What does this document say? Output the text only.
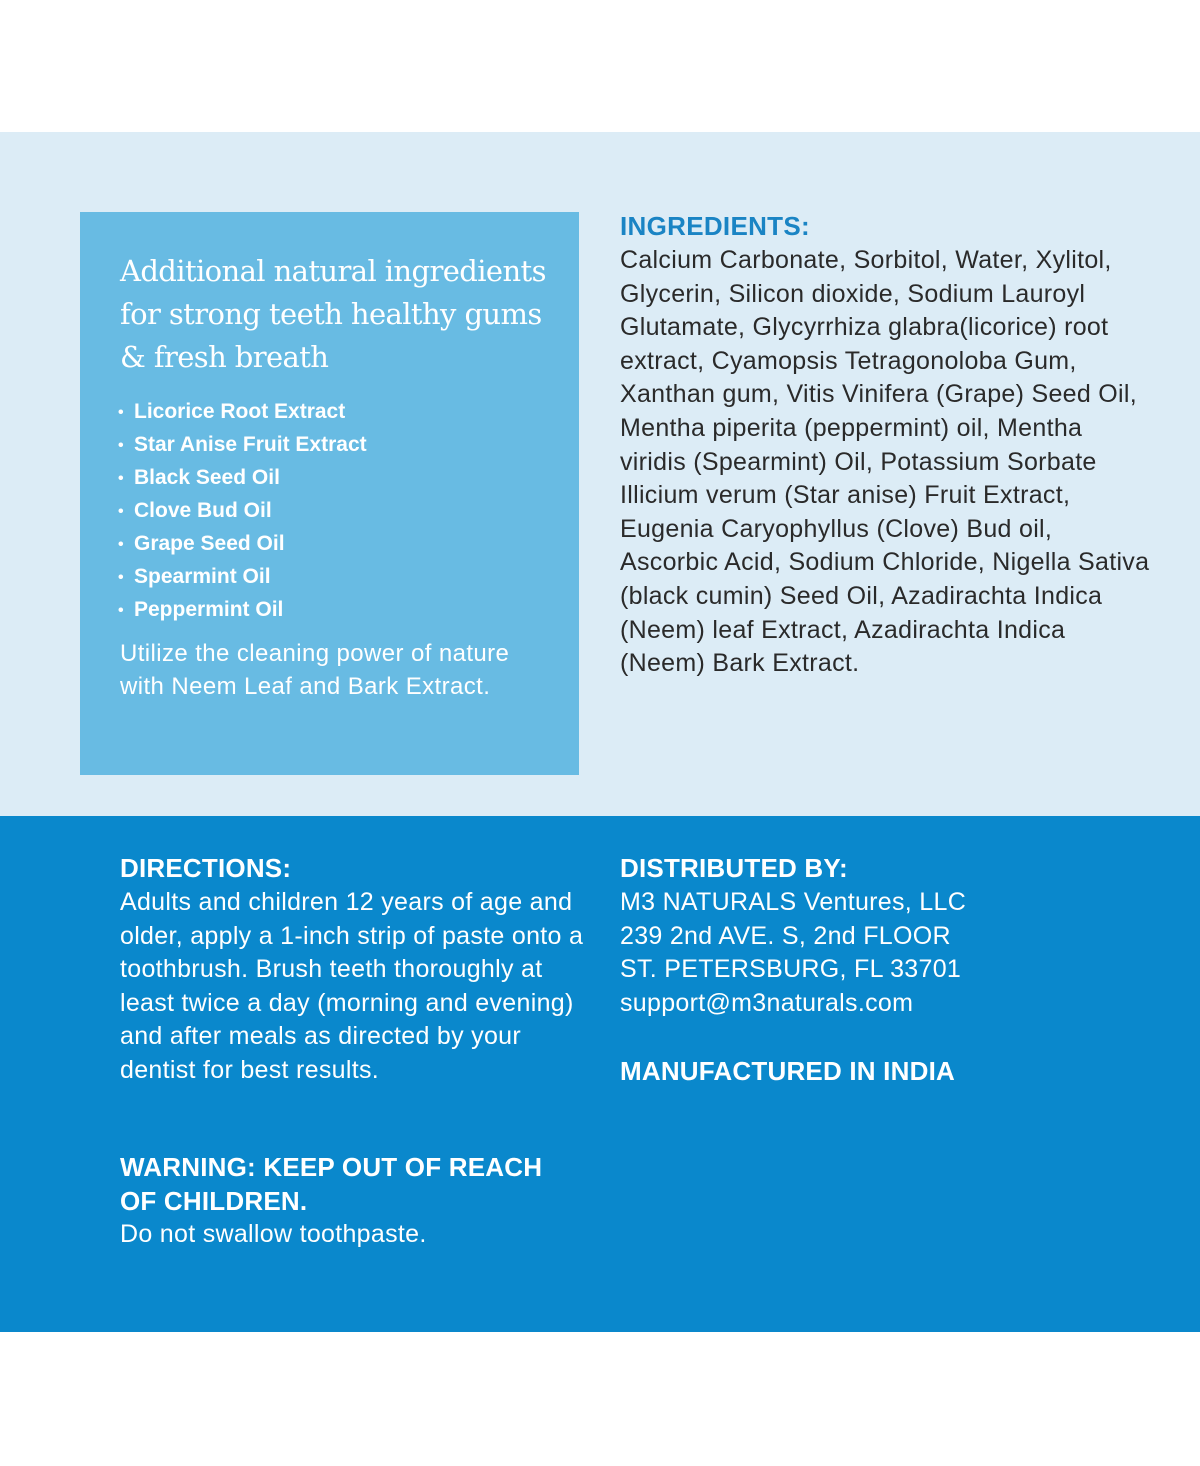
Additional natural ingredients for strong teeth healthy gums & fresh breath
• Licorice Root Extract
• Star Anise Fruit Extract
• Black Seed Oil
• Clove Bud Oil
• Grape Seed Oil
• Spearmint Oil
• Peppermint Oil

Utilize the cleaning power of nature with Neem Leaf and Bark Extract.

INGREDIENTS:

Calcium Carbonate, Sorbitol, Water, Xylitol, Glycerin, Silicon dioxide, Sodium Lauroyl Glutamate, Glycyrrhiza glabra(licorice) root extract, Cyamopsis Tetragonoloba Gum, Xanthan gum, Vitis Vinifera (Grape) Seed Oil, Mentha piperita (peppermint) oil, Mentha viridis (Spearmint) Oil, Potassium Sorbate Illicium verum (Star anise) Fruit Extract, Eugenia Caryophyllus (Clove) Bud oil, Ascorbic Acid, Sodium Chloride, Nigella Sativa (black cumin) Seed Oil, Azadirachta Indica (Neem) leaf Extract, Azadirachta Indica (Neem) Bark Extract.

DIRECTIONS:

Adults and children 12 years of age and older, apply a 1-inch strip of paste onto a toothbrush. Brush teeth thoroughly at least twice a day (morning and evening) and after meals as directed by your dentist for best results.

WARNING: KEEP OUT OF REACH OF CHILDREN.

Do not swallow toothpaste.

DISTRIBUTED BY:

M3 NATURALS Ventures, LLC
239 2nd AVE. S, 2nd FLOOR
ST. PETERSBURG, FL 33701
support@m3naturals.com

MANUFACTURED IN INDIA
